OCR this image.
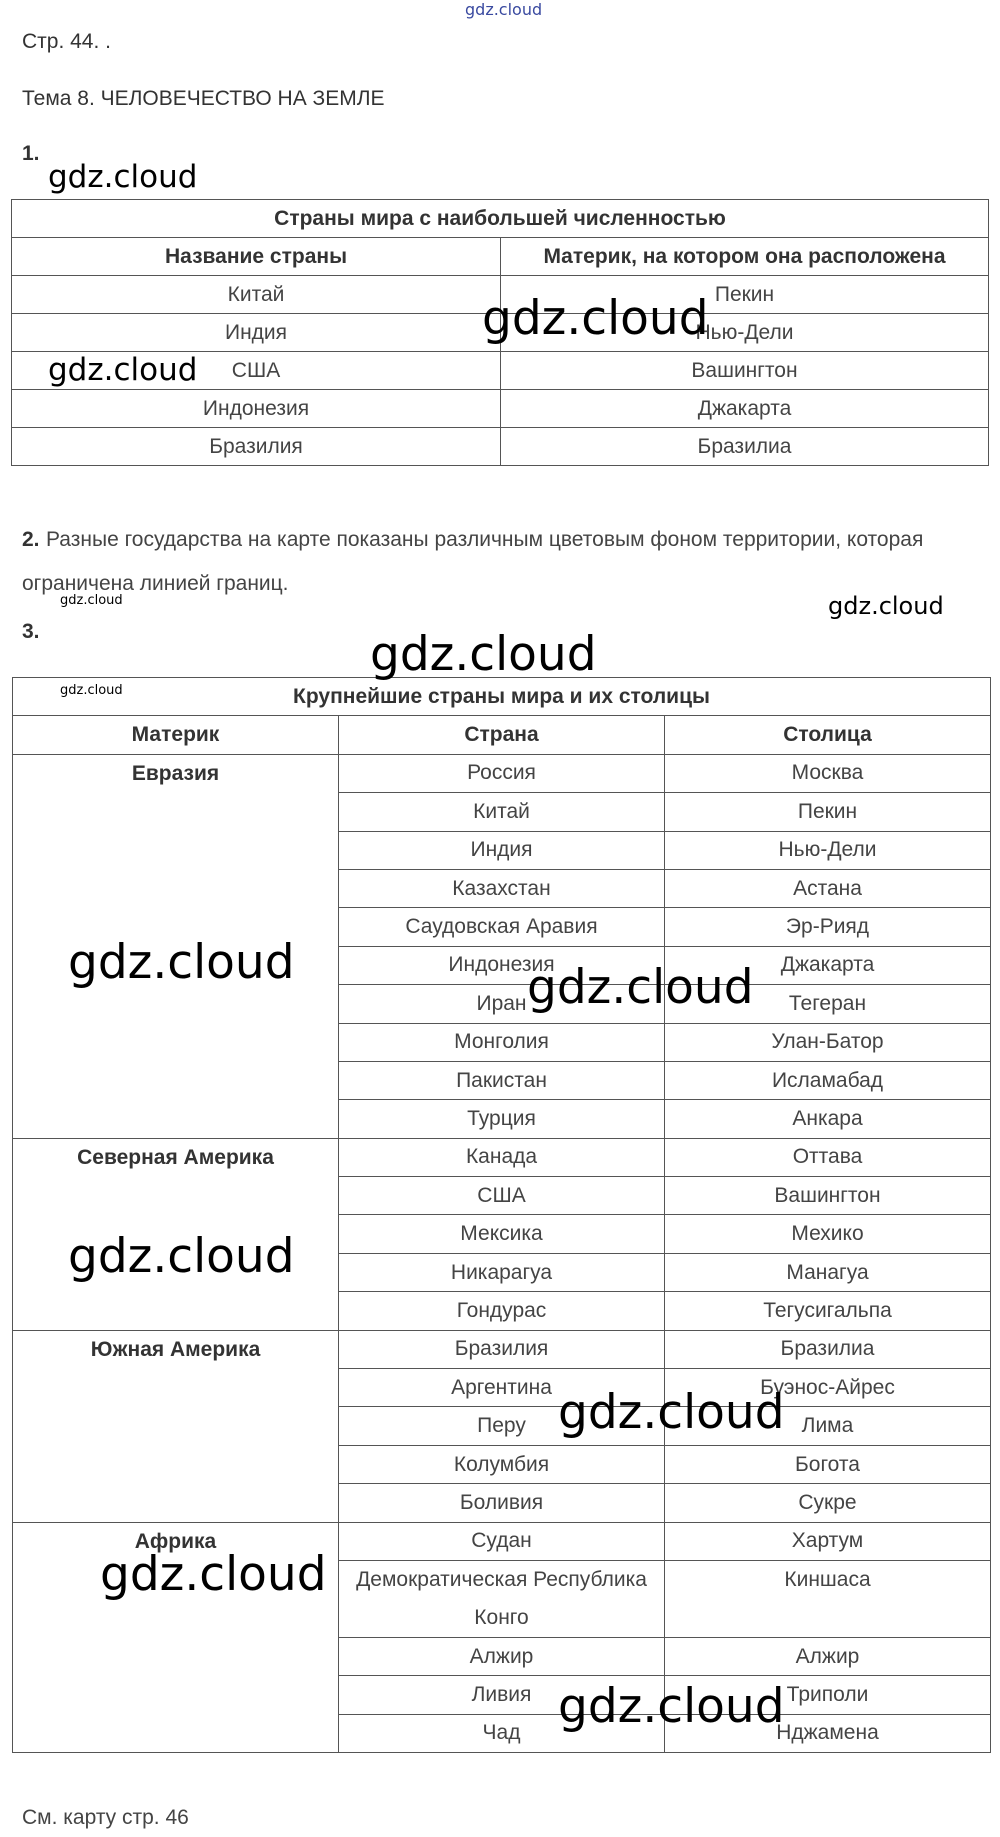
gdz.cloud
Стр. 44. .
Тема 8. ЧЕЛОВЕЧЕСТВО НА ЗЕМЛЕ
1.
Страны мира с наибольшей численностью	
Название страны	Материк, на котором она расположена
Китай	Пекин
Индия	Нью-Дели
США	Вашингтон
Индонезия	Джакарта
Бразилия	Бразилиа
2. Разные государства на карте показаны различным цветовым фоном территории, которая ограничена линией границ.
3.
Крупнейшие страны мира и их столицы		
Материк	Страна	Столица
Евразия	Россия	Москва
	Китай	Пекин
	Индия	Нью-Дели
	Казахстан	Астана
	Саудовская Аравия	Эр-Рияд
	Индонезия	Джакарта
	Иран	Тегеран
	Монголия	Улан-Батор
	Пакистан	Исламабад
	Турция	Анкара
Северная Америка	Канада	Оттава
	США	Вашингтон
	Мексика	Мехико
	Никарагуа	Манагуа
	Гондурас	Тегусигальпа
Южная Америка	Бразилия	Бразилиа
	Аргентина	Буэнос-Айрес
	Перу	Лима
	Колумбия	Богота
	Боливия	Сукре
Африка	Судан	Хартум
	Демократическая Республика Конго	Киншаса
	Алжир	Алжир
	Ливия	Триполи
	Чад	Нджамена
См. карту стр. 46
gdz.cloud
gdz.cloud
gdz.cloud
gdz.cloud	gdz.cloud
gdz.cloud
gdz.cloud
gdz.cloud	gdz.cloud
gdz.cloud
gdz.cloud
gdz.cloud
gdz.cloud
